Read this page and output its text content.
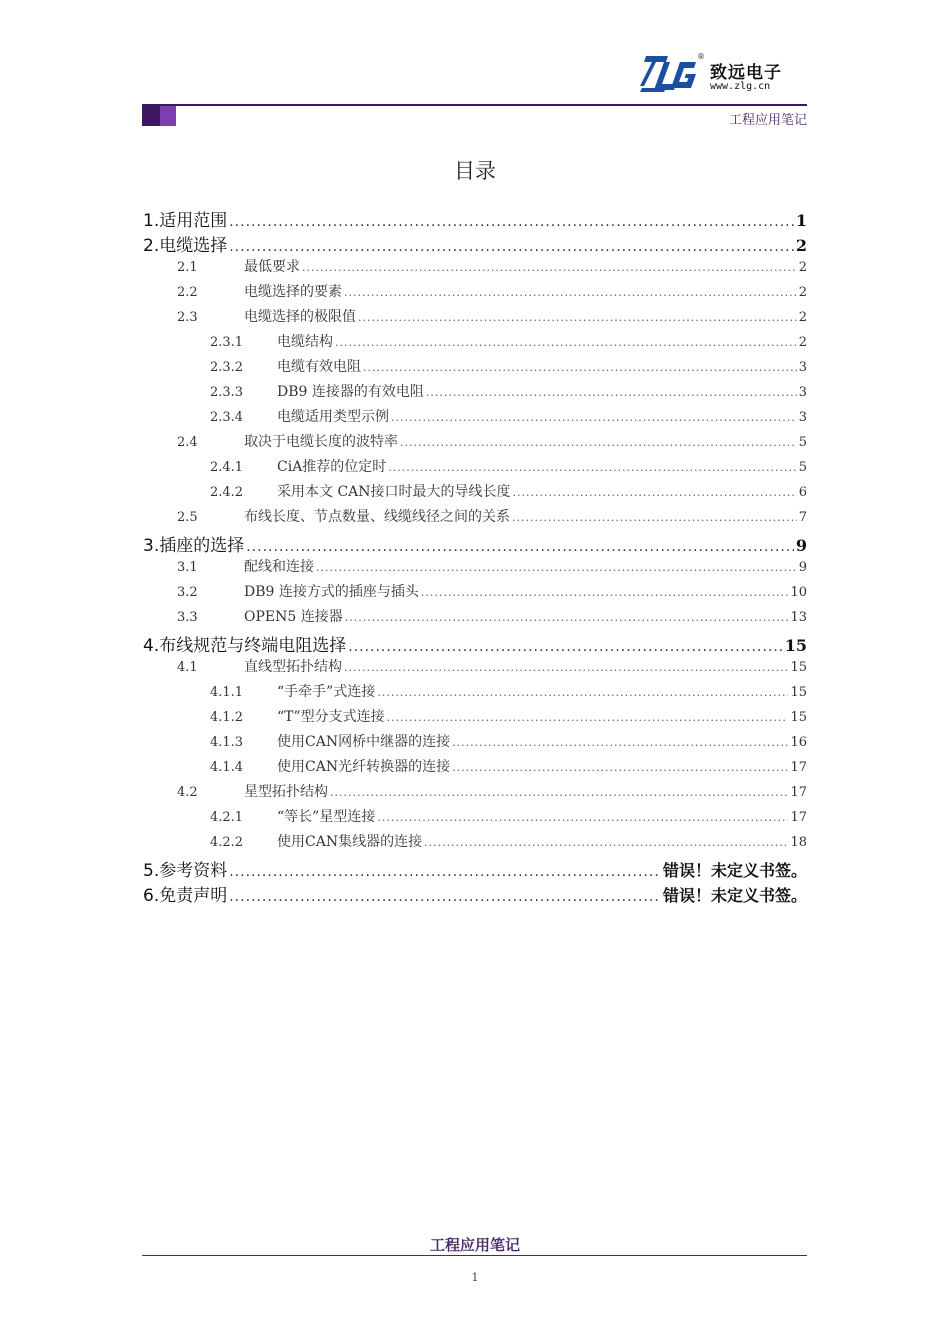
®
致远电子
www.zlg.cn
工程应用笔记
目录
1. 适用范围 .....	1
2. 电缆选择 .....	2
2.1	最低要求 .....	2
2.2	电缆选择的要素 .....	2
2.3	电缆选择的极限值 .....	2
2.3.1	电缆结构 .....	2
2.3.2	电缆有效电阻 .....	3
2.3.3	DB9 连接器的有效电阻 .....	3
2.3.4	电缆适用类型示例 .....	3
2.4	取决于电缆长度的波特率 .....	5
2.4.1	CiA推荐的位定时 .....	5
2.4.2	采用本文 CAN接口时最大的导线长度 .....	6
2.5	布线长度、节点数量、线缆线径之间的关系 .....	7
3. 插座的选择 .....	9
3.1	配线和连接 .....	9
3.2	DB9 连接方式的插座与插头 .....	10
3.3	OPEN5 连接器 .....	13
4. 布线规范与终端电阻选择 .....	15
4.1	直线型拓扑结构 .....	15
4.1.1	“手牵手”式连接 .....	15
4.1.2	“T”型分支式连接 .....	15
4.1.3	使用CAN网桥中继器的连接 .....	16
4.1.4	使用CAN光纤转换器的连接 .....	17
4.2	星型拓扑结构 .....	17
4.2.1	“等长”星型连接 .....	17
4.2.2	使用CAN集线器的连接 .....	18
5. 参考资料 .....	错误！未定义书签。
6. 免责声明 .....	错误！未定义书签。
工程应用笔记
1
